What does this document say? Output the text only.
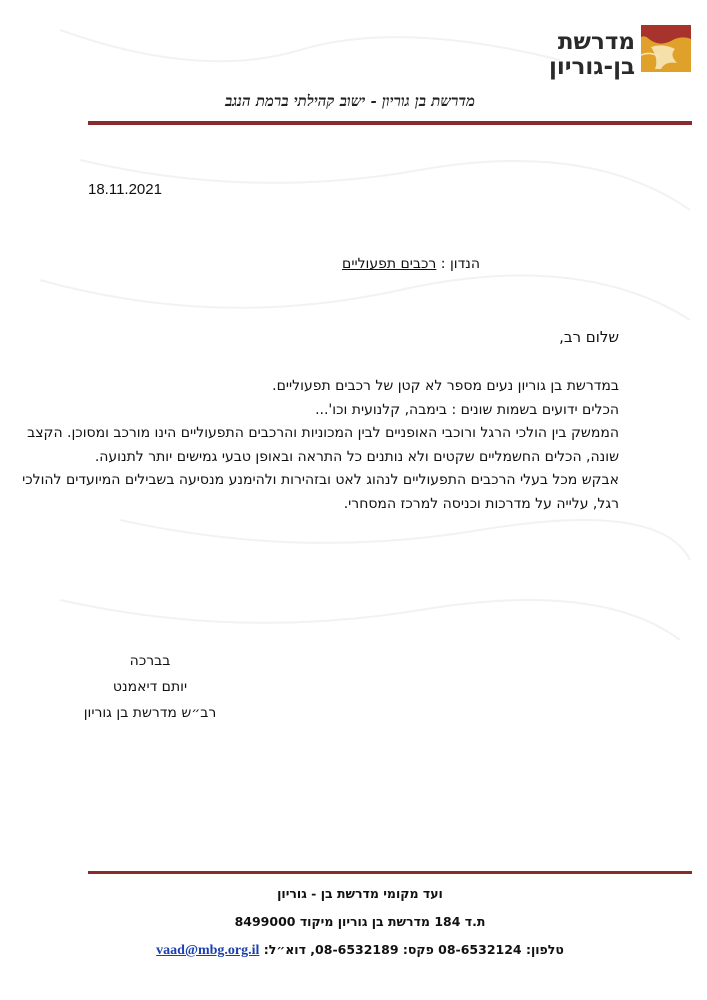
מדרשת
בן-גוריון
מדרשת בן גוריון - ישוב קהילתי ברמת הנגב
18.11.2021
הנדון : רכבים תפעוליים
שלום רב,

במדרשת בן גוריון נעים מספר לא קטן של רכבים תפעוליים.

הכלים ידועים בשמות שונים : בימבה, קלנועית וכו'...

הממשק בין הולכי הרגל ורוכבי האופניים לבין המכוניות והרכבים התפעוליים הינו מורכב ומסוכן. הקצב שונה, הכלים החשמליים שקטים ולא נותנים כל התראה ובאופן טבעי גמישים יותר לתנועה.

אבקש מכל בעלי הרכבים התפעוליים לנהוג לאט ובזהירות ולהימנע מנסיעה בשבילים המיועדים להולכי רגל, עלייה על מדרכות וכניסה למרכז המסחרי.

בברכה
יותם דיאמנט
רב״ש מדרשת בן גוריון
ועד מקומי מדרשת בן - גוריון
ת.ד 184 מדרשת בן גוריון מיקוד 8499000
טלפון: 08-6532124 פקס: 08-6532189, דוא״ל: vaad@mbg.org.il
